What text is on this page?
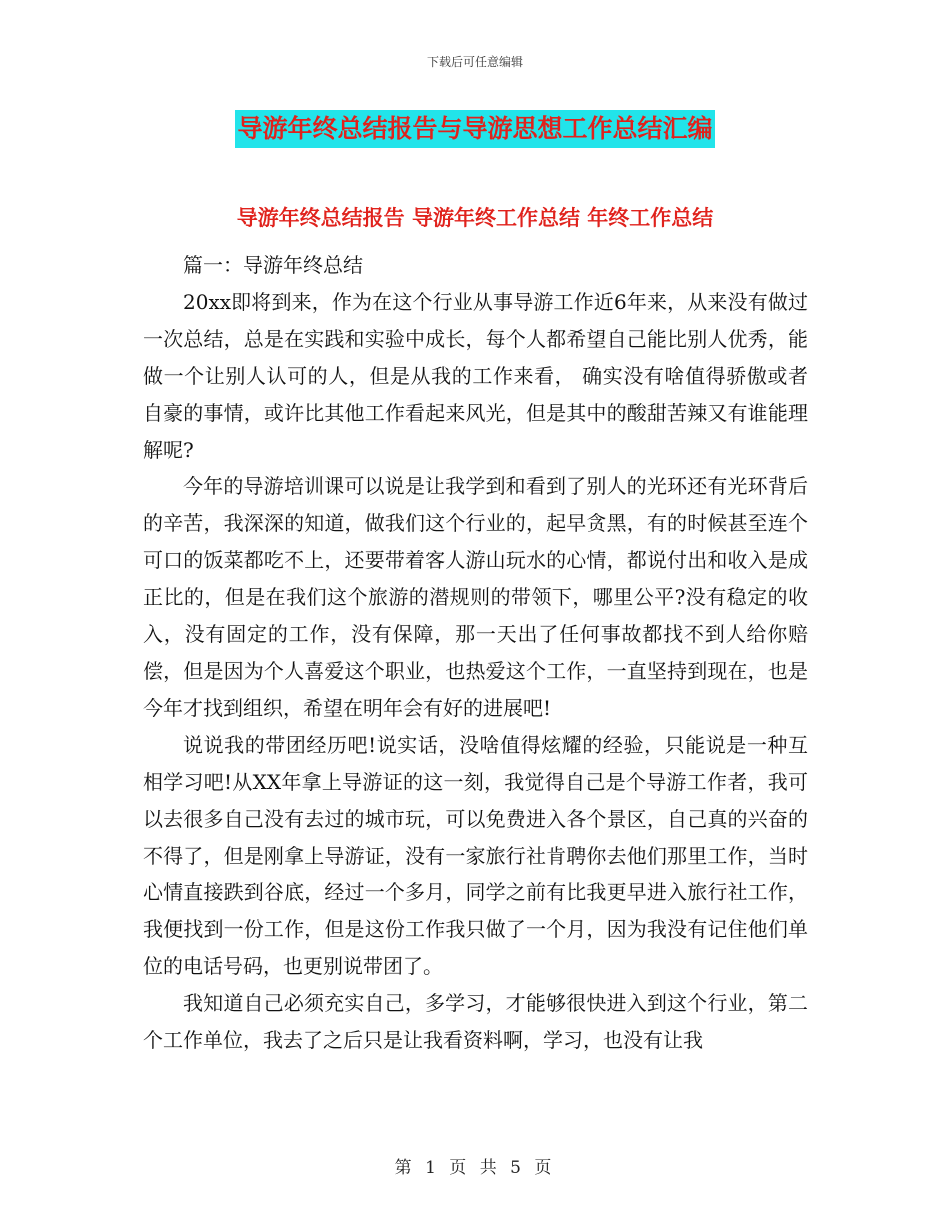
下载后可任意编辑
导游年终总结报告与导游思想工作总结汇编
导游年终总结报告 导游年终工作总结 年终工作总结

篇一：导游年终总结

20xx即将到来，作为在这个行业从事导游工作近6年来，从来没有做过一次总结，总是在实践和实验中成长，每个人都希望自己能比别人优秀，能做一个让别人认可的人，但是从我的工作来看， 确实没有啥值得骄傲或者自豪的事情，或许比其他工作看起来风光，但是其中的酸甜苦辣又有谁能理解呢?

今年的导游培训课可以说是让我学到和看到了别人的光环还有光环背后的辛苦，我深深的知道，做我们这个行业的，起早贪黑，有的时候甚至连个可口的饭菜都吃不上，还要带着客人游山玩水的心情，都说付出和收入是成正比的，但是在我们这个旅游的潜规则的带领下，哪里公平?没有稳定的收入，没有固定的工作，没有保障，那一天出了任何事故都找不到人给你赔偿，但是因为个人喜爱这个职业，也热爱这个工作，一直坚持到现在，也是今年才找到组织，希望在明年会有好的进展吧!

说说我的带团经历吧!说实话，没啥值得炫耀的经验，只能说是一种互相学习吧!从XX年拿上导游证的这一刻，我觉得自己是个导游工作者，我可以去很多自己没有去过的城市玩，可以免费进入各个景区，自己真的兴奋的不得了，但是刚拿上导游证，没有一家旅行社肯聘你去他们那里工作，当时心情直接跌到谷底，经过一个多月，同学之前有比我更早进入旅行社工作，我便找到一份工作，但是这份工作我只做了一个月，因为我没有记住他们单位的电话号码，也更别说带团了。

我知道自己必须充实自己，多学习，才能够很快进入到这个行业，第二个工作单位，我去了之后只是让我看资料啊，学习，也没有让我

第 1 页 共 5 页
